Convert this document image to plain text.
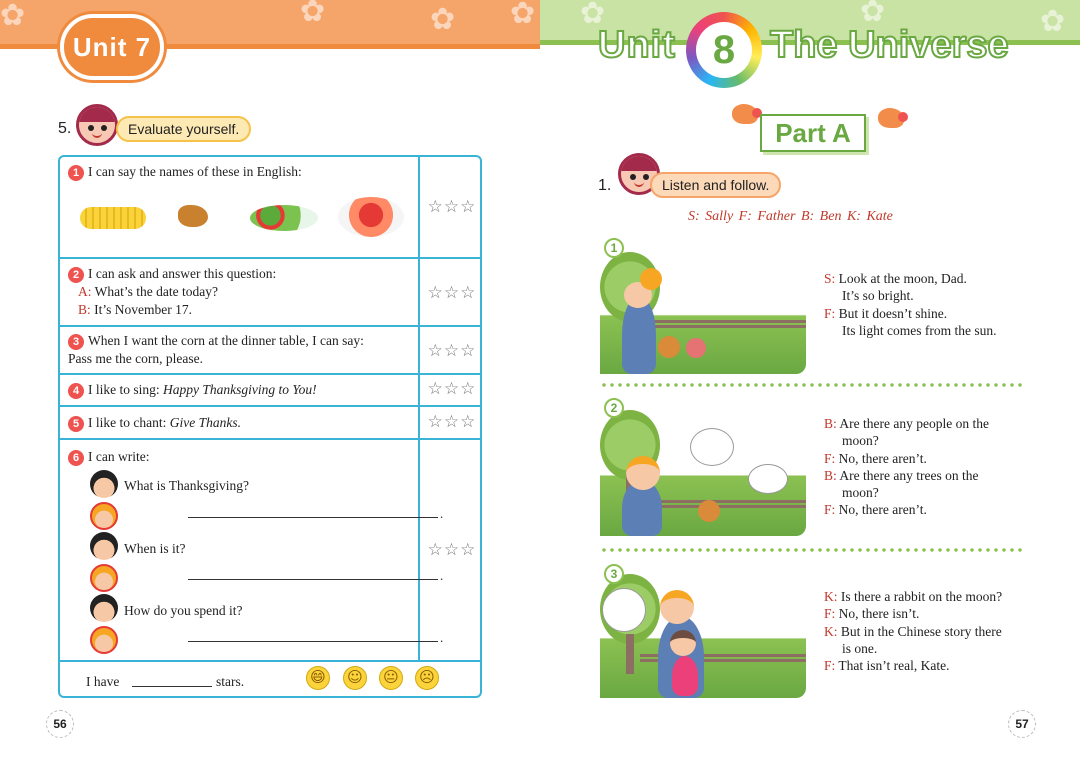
✿	✿	✿ ✿ ✿	✿	✿
Unit 7	Unit 8 The Universe
5.	Evaluate yourself.
1 I can say the names of these in English:
☆☆☆
2 I can ask and answer this question:
A: What’s the date today?
B: It’s November 17.
☆☆☆
3 When I want the corn at the dinner table, I can say:
Pass me the corn, please.	☆☆☆
4 I like to sing: Happy Thanksgiving to You!	☆☆☆
5 I like to chant: Give Thanks.	☆☆☆
6 I can write:
What is Thanksgiving?
.
When is it?
.
How do you spend it?
.
☆☆☆
I have	stars.	😄 ☺ 😐 ☹
56
Part A
1.	Listen and follow.
S: Sally F: Father B: Ben K: Kate
1
S: Look at the moon, Dad.
It’s so bright.
F: But it doesn’t shine.
Its light comes from the sun.
2
B: Are there any people on the
moon?
F: No, there aren’t.
B: Are there any trees on the
moon?
F: No, there aren’t.
3
K: Is there a rabbit on the moon?
F: No, there isn’t.
K: But in the Chinese story there
is one.
F: That isn’t real, Kate.
57
